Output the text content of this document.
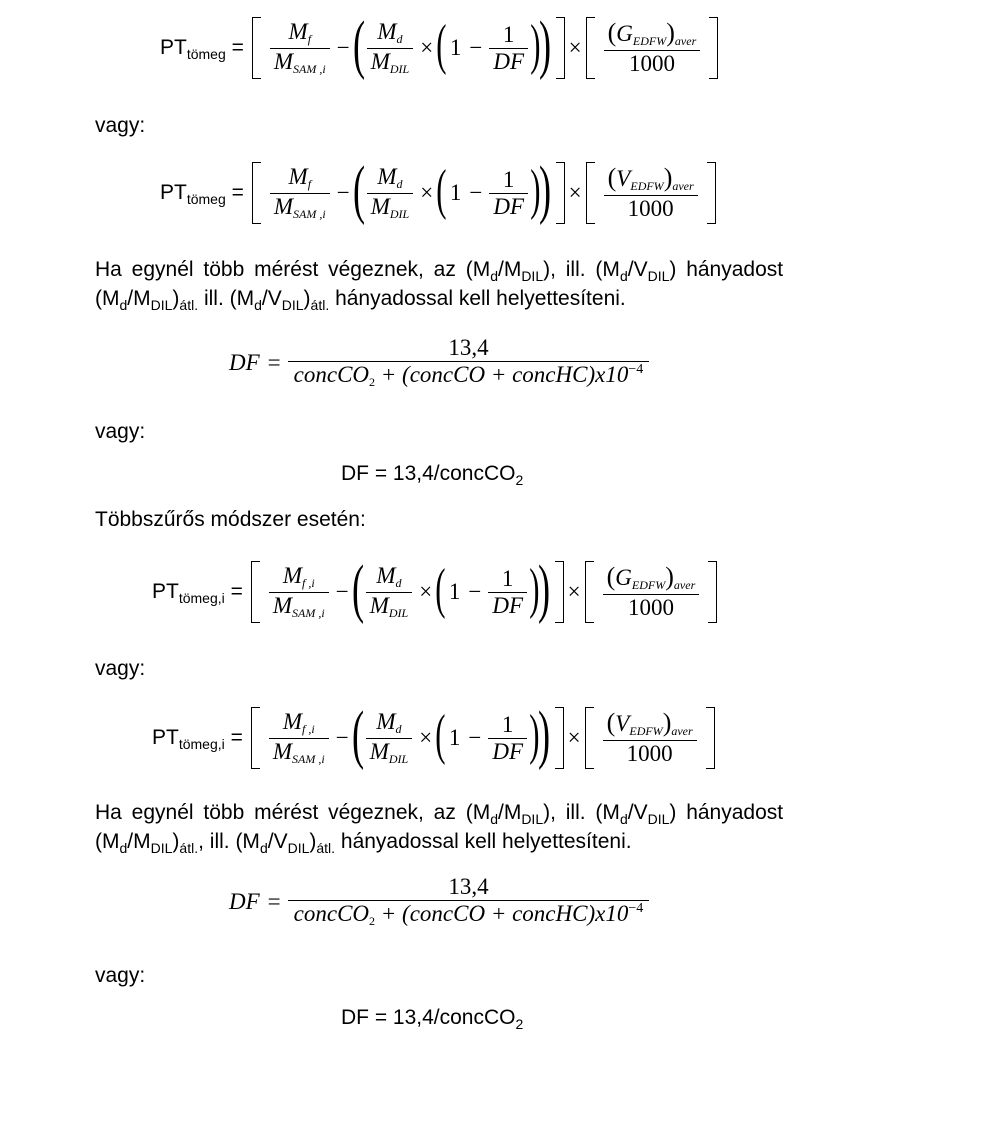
$PT_{tömeg} = \frac{Mf}{\text{MSAM ,i}}$ − ( $\frac{Md}{\text{MDIL}}$ × ( $1 - \frac{1}{DF}$ )
) × $\frac{\text{(GEDFW)aver}}{1000}$
vagy:
$PT_{tömeg} = \frac{Mf}{\text{MSAM ,i}}$ − ( $\frac{Md}{\text{MDIL}}$ × ( $1 - \frac{1}{DF}$ )
) × $\frac{\text{(VEDFW)aver}}{1000}$
Ha egynél több mérést végeznek, az $(M_d/M_{DIL})$, ill. $(M_d/V_{DIL})$ hányadost
$(M_d/M_{DIL})_{átl.}$ ill. $(M_d/V_{DIL})_{átl.}$ hányadossal kell helyettesíteni.
DF = $\frac{13,4}{concCO2 + (concCO + concHC)x10^{-4}}$
vagy:
DF = 13,4/concCO$_2$
Többszűrős módszer esetén:
$PT_{tömeg,i} = \frac{Mf ,i}{\text{MSAM ,i}}$ − ( $\frac{Md}{\text{MDIL}}$ × ( $1 - \frac{1}{DF}$ )
) × $\frac{\text{(GEDFW)aver}}{1000}$
vagy:
$PT_{tömeg,i} = \frac{Mf ,i}{\text{MSAM ,i}}$ − ( $\frac{Md}{\text{MDIL}}$ × ( $1 - \frac{1}{DF}$ )
) × $\frac{\text{(VEDFW)aver}}{1000}$
Ha egynél több mérést végeznek, az $(M_d/M_{DIL})$, ill. $(M_d/V_{DIL})$ hányadost
$(M_d/M_{DIL})_{átl.}$, ill. $(M_d/V_{DIL})_{átl.}$ hányadossal kell helyettesíteni.
DF = $\frac{13,4}{concCO2 + (concCO + concHC)x10^{-4}}$
vagy:
DF = 13,4/concCO$_2$
